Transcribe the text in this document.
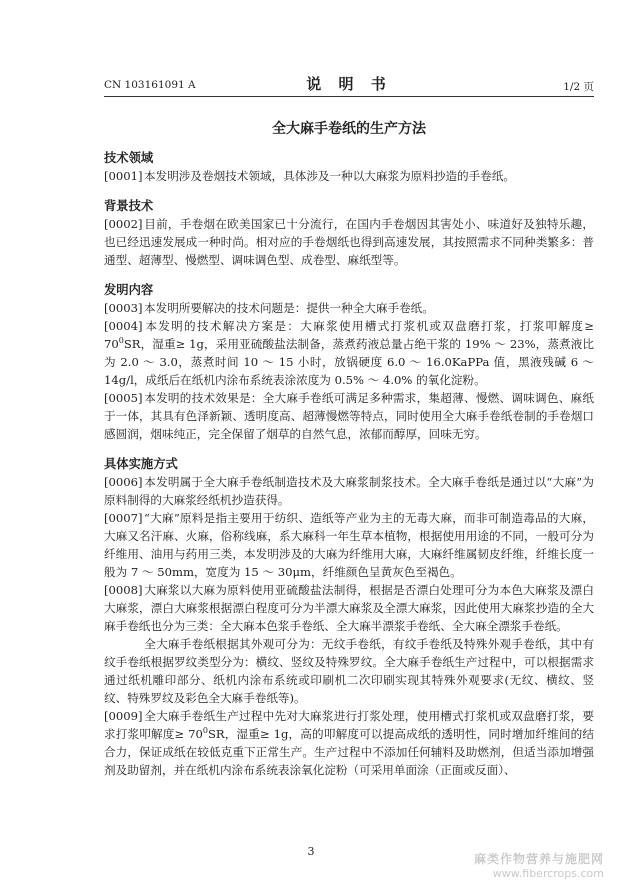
CN 103161091 A	说 明 书	1/2 页
全大麻手卷纸的生产方法
技术领域
[0001]本发明涉及卷烟技术领域，具体涉及一种以大麻浆为原料抄造的手卷纸。
背景技术
[0002]目前，手卷烟在欧美国家已十分流行，在国内手卷烟因其害处小、味道好及独特乐趣，也已经迅速发展成一种时尚。相对应的手卷烟纸也得到高速发展，其按照需求不同种类繁多：普通型、超薄型、慢燃型、调味调色型、成卷型、麻纸型等。
发明内容
[0003]本发明所要解决的技术问题是：提供一种全大麻手卷纸。
[0004]本发明的技术解决方案是：大麻浆使用槽式打浆机或双盘磨打浆，打浆叩解度≥ $70^0SR$，湿重≥ 1g，采用亚硫酸盐法制备，蒸煮药液总量占绝干浆的 19% ～ 23%，蒸煮液比为 2.0 ～ 3.0，蒸煮时间 10 ～ 15 小时，放锅硬度 6.0 ～ 16.0KaPPa 值，黑液残碱 6 ～ 14g/l，成纸后在纸机内涂布系统表涂浓度为 0.5% ～ 4.0% 的氧化淀粉。
[0005]本发明的技术效果是：全大麻手卷纸可满足多种需求，集超薄、慢燃、调味调色、麻纸于一体，其具有色泽新颖、透明度高、超薄慢燃等特点，同时使用全大麻手卷纸卷制的手卷烟口感圆润，烟味纯正，完全保留了烟草的自然气息，浓郁而醇厚，回味无穷。
具体实施方式
[0006]本发明属于全大麻手卷纸制造技术及大麻浆制浆技术。全大麻手卷纸是通过以“大麻”为原料制得的大麻浆经纸机抄造获得。
[0007]“大麻”原料是指主要用于纺织、造纸等产业为主的无毒大麻，而非可制造毒品的大麻，大麻又名汗麻、火麻，俗称线麻，系大麻科一年生草本植物，根据使用用途的不同，一般可分为纤维用、油用与药用三类，本发明涉及的大麻为纤维用大麻，大麻纤维属韧皮纤维，纤维长度一般为 7 ～ 50mm，宽度为 15 ～ 30μm，纤维颜色呈黄灰色至褐色。
[0008]大麻浆以大麻为原料使用亚硫酸盐法制得，根据是否漂白处理可分为本色大麻浆及漂白大麻浆，漂白大麻浆根据漂白程度可分为半漂大麻浆及全漂大麻浆，因此使用大麻浆抄造的全大麻手卷纸也分为三类：全大麻本色浆手卷纸、全大麻半漂浆手卷纸、全大麻全漂浆手卷纸。
全大麻手卷纸根据其外观可分为：无纹手卷纸，有纹手卷纸及特殊外观手卷纸，其中有纹手卷纸根据罗纹类型分为：横纹、竖纹及特殊罗纹。全大麻手卷纸生产过程中，可以根据需求通过纸机雕印部分、纸机内涂布系统或印刷机二次印刷实现其特殊外观要求(无纹、横纹、竖纹、特殊罗纹及彩色全大麻手卷纸等)。
[0009]全大麻手卷纸生产过程中先对大麻浆进行打浆处理，使用槽式打浆机或双盘磨打浆，要求打浆叩解度≥ $70^0SR$，湿重≥ 1g，高的叩解度可以提高成纸的透明性，同时增加纤维间的结合力，保证成纸在较低克重下正常生产。生产过程中不添加任何辅料及助燃剂，但适当添加增强剂及助留剂，并在纸机内涂布系统表涂氧化淀粉（可采用单面涂（正面或反面）、
3
麻类作物营养与施肥网
www.fibercrops.com
